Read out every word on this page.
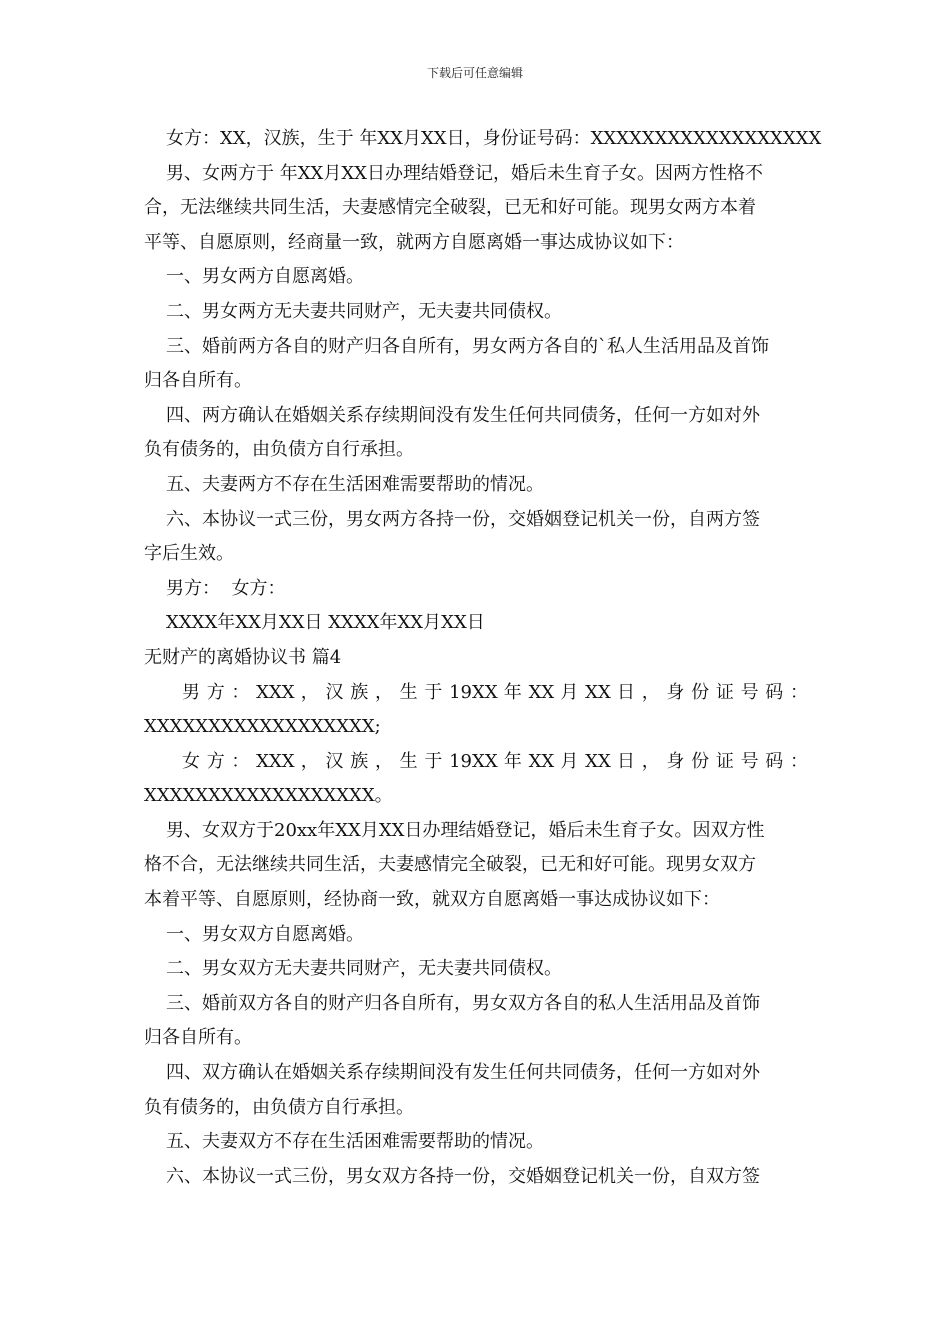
下载后可任意编辑

女方：XX，汉族，生于 年XX月XX日，身份证号码：XXXXXXXXXXXXXXXXXX

男、女两方于 年XX月XX日办理结婚登记，婚后未生育子女。因两方性格不

合，无法继续共同生活，夫妻感情完全破裂，已无和好可能。现男女两方本着

平等、自愿原则，经商量一致，就两方自愿离婚一事达成协议如下：

一、男女两方自愿离婚。

二、男女两方无夫妻共同财产，无夫妻共同债权。

三、婚前两方各自的财产归各自所有，男女两方各自的`私人生活用品及首饰

归各自所有。

四、两方确认在婚姻关系存续期间没有发生任何共同债务，任何一方如对外

负有债务的，由负债方自行承担。

五、夫妻两方不存在生活困难需要帮助的情况。

六、本协议一式三份，男女两方各持一份，交婚姻登记机关一份，自两方签

字后生效。

男方：  女方：

XXXX年XX月XX日 XXXX年XX月XX日

无财产的离婚协议书 篇4

男 方 ： XXX ， 汉 族 ， 生 于 19XX 年 XX 月 XX 日 ， 身 份 证 号 码 ：

XXXXXXXXXXXXXXXXXX;

女 方 ： XXX ， 汉 族 ， 生 于 19XX 年 XX 月 XX 日 ， 身 份 证 号 码 ：

XXXXXXXXXXXXXXXXXX。

男、女双方于20xx年XX月XX日办理结婚登记，婚后未生育子女。因双方性

格不合，无法继续共同生活，夫妻感情完全破裂，已无和好可能。现男女双方

本着平等、自愿原则，经协商一致，就双方自愿离婚一事达成协议如下：

一、男女双方自愿离婚。

二、男女双方无夫妻共同财产，无夫妻共同债权。

三、婚前双方各自的财产归各自所有，男女双方各自的私人生活用品及首饰

归各自所有。

四、双方确认在婚姻关系存续期间没有发生任何共同债务，任何一方如对外

负有债务的，由负债方自行承担。

五、夫妻双方不存在生活困难需要帮助的情况。

六、本协议一式三份，男女双方各持一份，交婚姻登记机关一份，自双方签
